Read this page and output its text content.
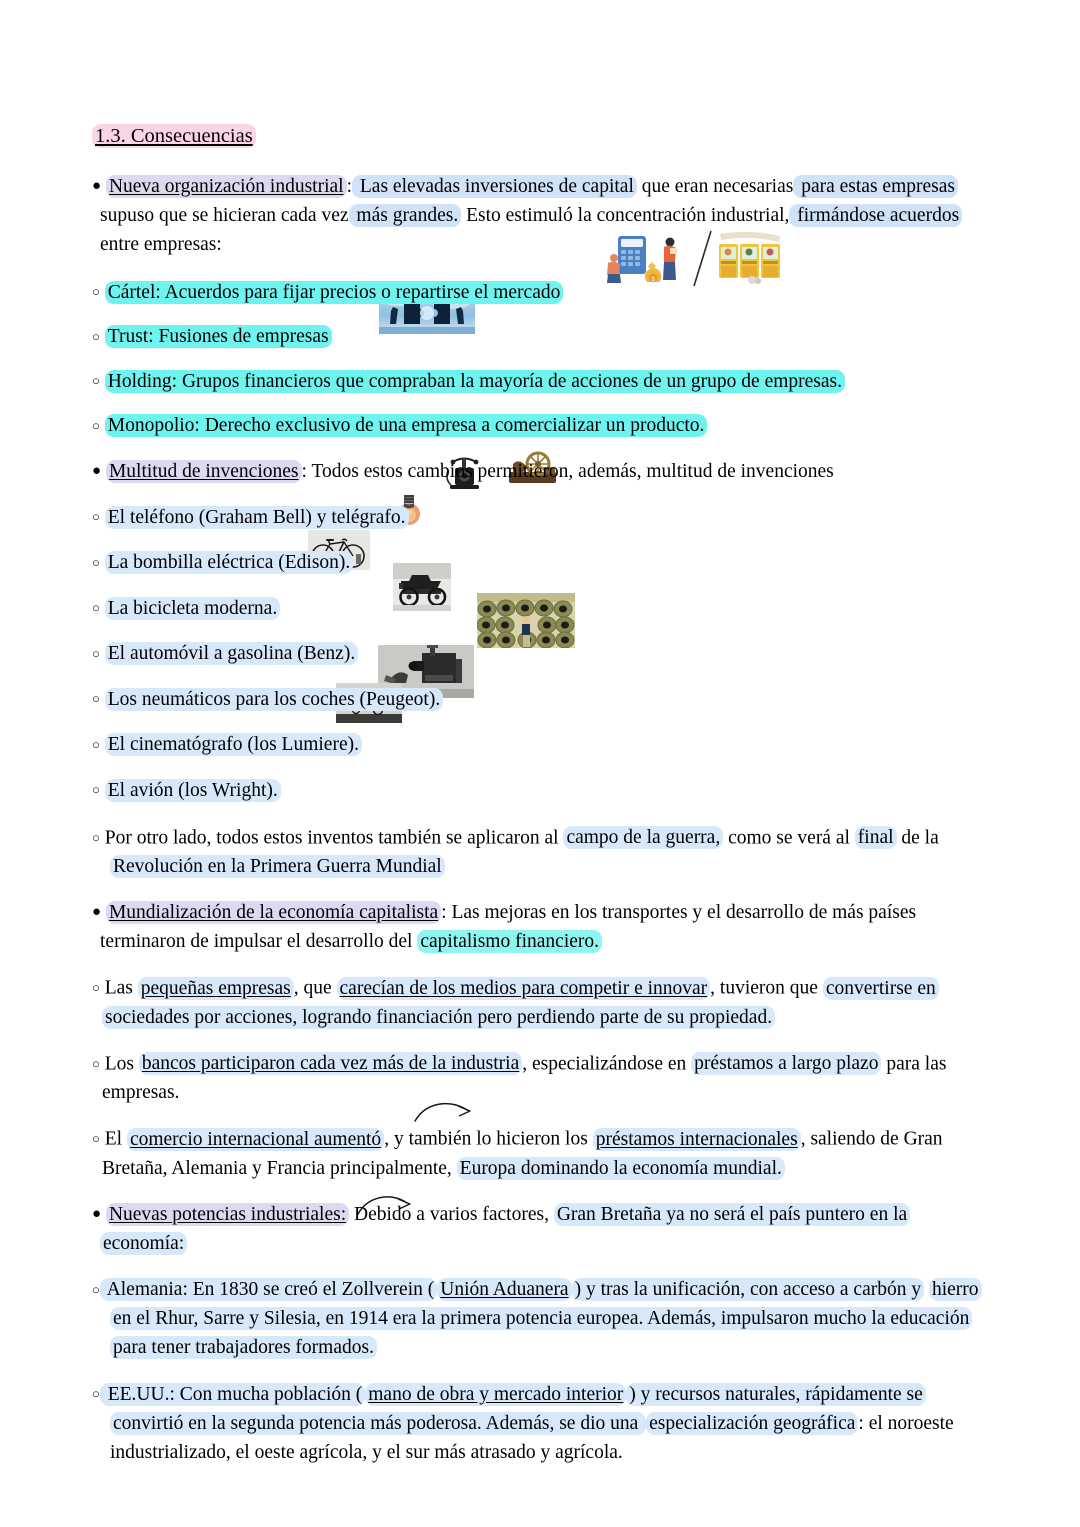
$
1.3. Consecuencias
● Nueva organización industrial : Las elevadas inversiones de capital que eran necesarias para estas empresas supuso que se hicieran cada vez más grandes. Esto estimuló la concentración industrial, firmándose acuerdos entre empresas:
○ Cártel: Acuerdos para fijar precios o repartirse el mercado
○ Trust: Fusiones de empresas
○ Holding: Grupos financieros que compraban la mayoría de acciones de un grupo de empresas.
○ Monopolio: Derecho exclusivo de una empresa a comercializar un producto.
● Multitud de invenciones : Todos estos cambios permitieron, además, multitud de invenciones
○ El teléfono (Graham Bell) y telégrafo.
○ La bombilla eléctrica (Edison).
○ La bicicleta moderna.
○ El automóvil a gasolina (Benz).
○ Los neumáticos para los coches (Peugeot).
○ El cinematógrafo (los Lumiere).
○ El avión (los Wright).
○ Por otro lado, todos estos inventos también se aplicaron al campo de la guerra, como se verá al final de la Revolución en la Primera Guerra Mundial
● Mundialización de la economía capitalista : Las mejoras en los transportes y el desarrollo de más países terminaron de impulsar el desarrollo del capitalismo financiero.
○ Las pequeñas empresas , que carecían de los medios para competir e innovar , tuvieron que convertirse en sociedades por acciones, logrando financiación pero perdiendo parte de su propiedad.
○ Los bancos participaron cada vez más de la industria , especializándose en préstamos a largo plazo para las empresas.
○ El comercio internacional aumentó , y también lo hicieron los préstamos internacionales , saliendo de Gran Bretaña, Alemania y Francia principalmente, Europa dominando la economía mundial.
● Nuevas potencias industriales: Debido a varios factores, Gran Bretaña ya no será el país puntero en la economía:
○ Alemania: En 1830 se creó el Zollverein ( Unión Aduanera ) y tras la unificación, con acceso a carbón y hierro en el Rhur, Sarre y Silesia, en 1914 era la primera potencia europea. Además, impulsaron mucho la educación para tener trabajadores formados.
○ EE.UU.: Con mucha población ( mano de obra y mercado interior ) y recursos naturales, rápidamente se convirtió en la segunda potencia más poderosa. Además, se dio una especialización geográfica : el noroeste industrializado, el oeste agrícola, y el sur más atrasado y agrícola.
